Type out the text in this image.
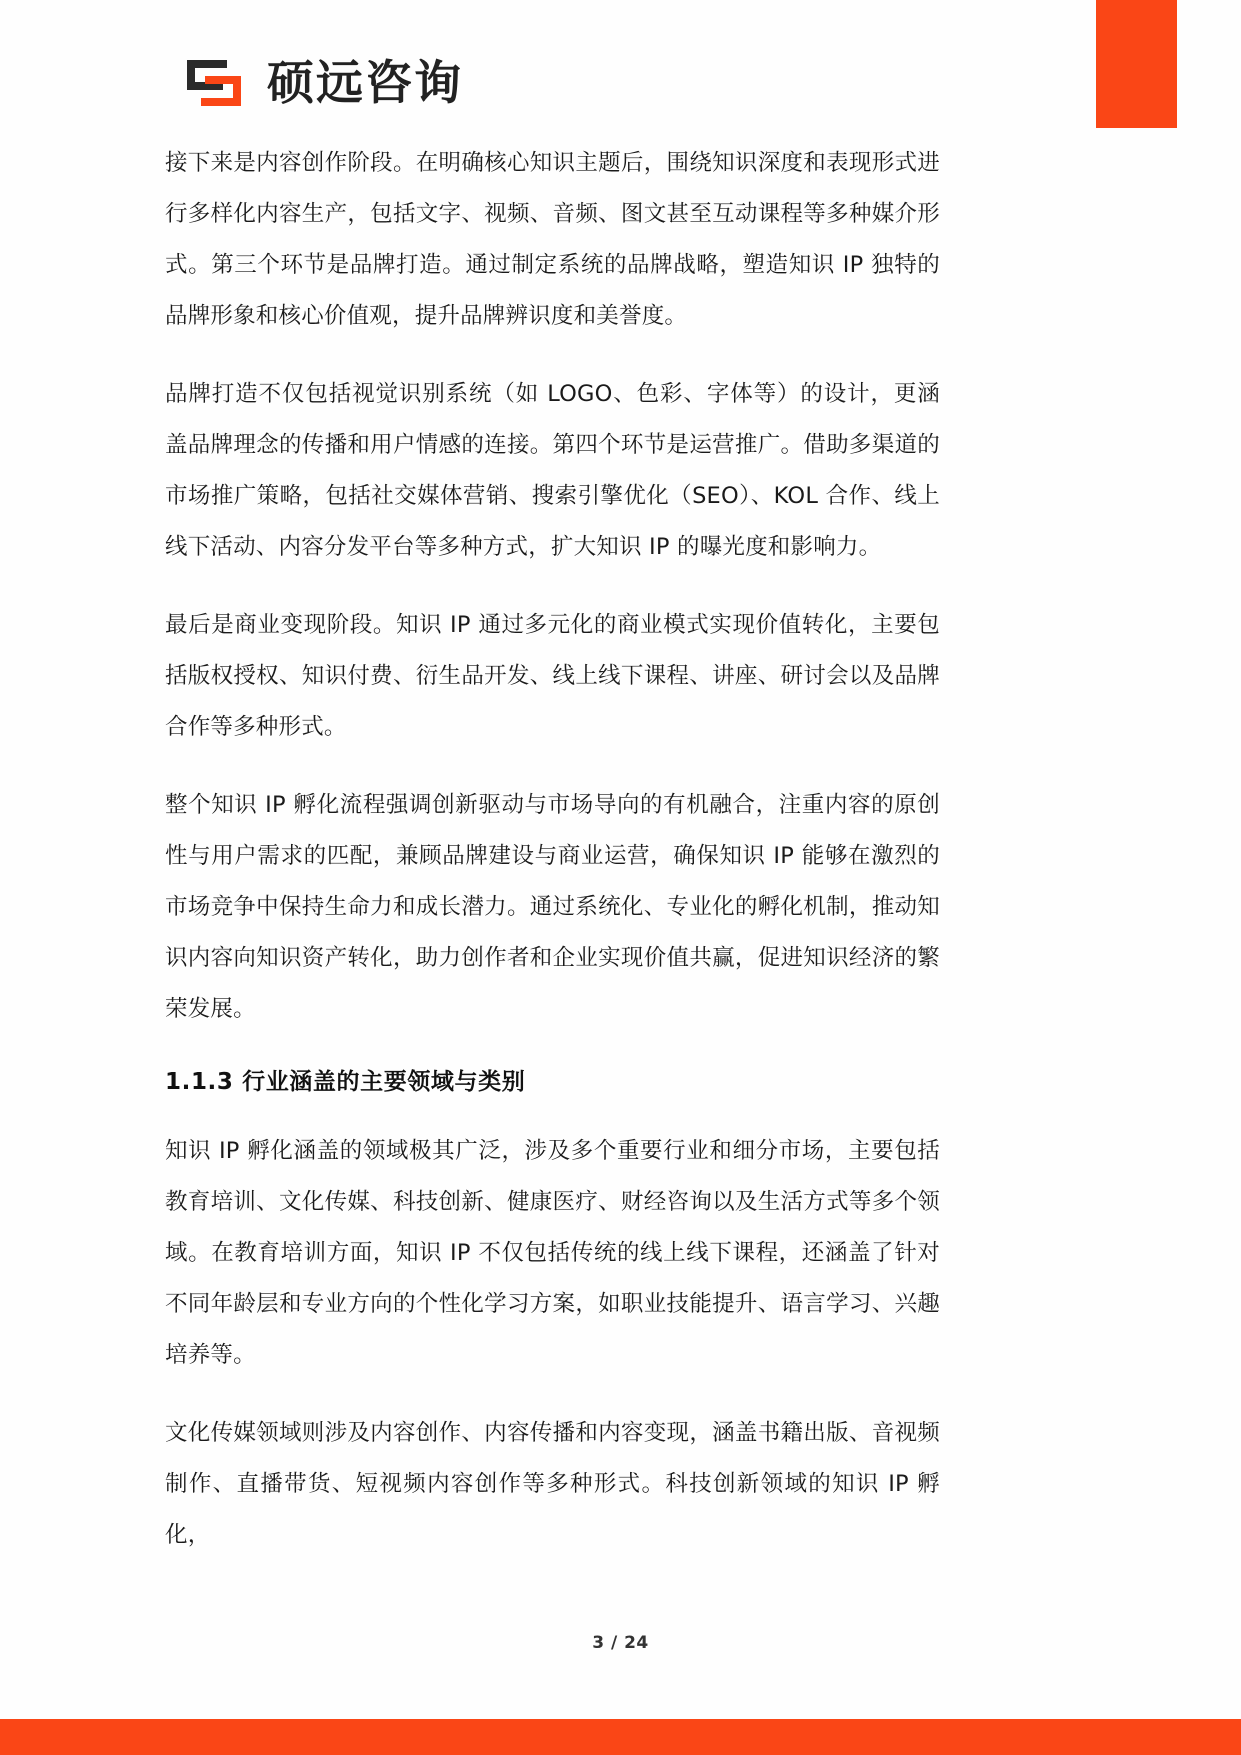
硕远咨询

接下来是内容创作阶段。在明确核心知识主题后，围绕知识深度和表现形式进行多样化内容生产，包括文字、视频、音频、图文甚至互动课程等多种媒介形式。第三个环节是品牌打造。通过制定系统的品牌战略，塑造知识 IP 独特的品牌形象和核心价值观，提升品牌辨识度和美誉度。

品牌打造不仅包括视觉识别系统（如 LOGO、色彩、字体等）的设计，更涵盖品牌理念的传播和用户情感的连接。第四个环节是运营推广。借助多渠道的市场推广策略，包括社交媒体营销、搜索引擎优化（SEO）、KOL 合作、线上线下活动、内容分发平台等多种方式，扩大知识 IP 的曝光度和影响力。

最后是商业变现阶段。知识 IP 通过多元化的商业模式实现价值转化，主要包括版权授权、知识付费、衍生品开发、线上线下课程、讲座、研讨会以及品牌合作等多种形式。

整个知识 IP 孵化流程强调创新驱动与市场导向的有机融合，注重内容的原创性与用户需求的匹配，兼顾品牌建设与商业运营，确保知识 IP 能够在激烈的市场竞争中保持生命力和成长潜力。通过系统化、专业化的孵化机制，推动知识内容向知识资产转化，助力创作者和企业实现价值共赢，促进知识经济的繁荣发展。

1.1.3 行业涵盖的主要领域与类别

知识 IP 孵化涵盖的领域极其广泛，涉及多个重要行业和细分市场，主要包括教育培训、文化传媒、科技创新、健康医疗、财经咨询以及生活方式等多个领域。在教育培训方面，知识 IP 不仅包括传统的线上线下课程，还涵盖了针对不同年龄层和专业方向的个性化学习方案，如职业技能提升、语言学习、兴趣培养等。

文化传媒领域则涉及内容创作、内容传播和内容变现，涵盖书籍出版、音视频制作、直播带货、短视频内容创作等多种形式。科技创新领域的知识 IP 孵化，

3 / 24
